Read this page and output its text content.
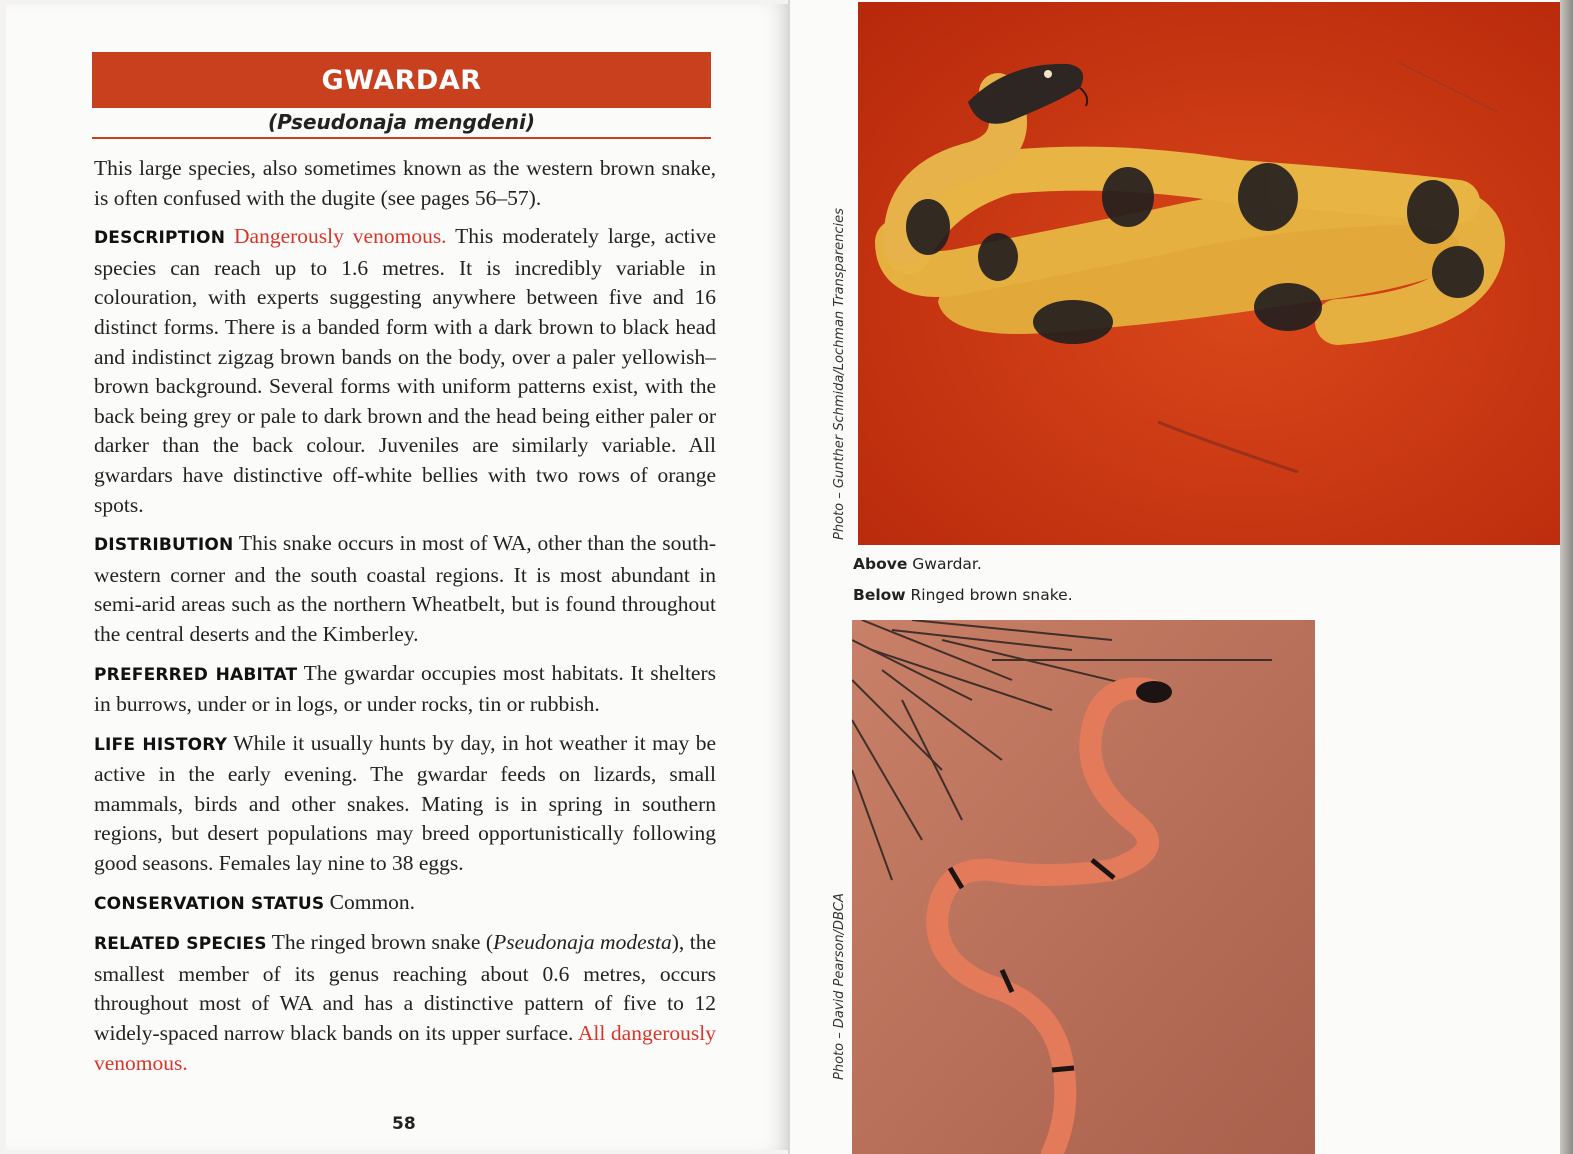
GWARDAR
(Pseudonaja mengdeni)

This large species, also sometimes known as the western brown snake, is often confused with the dugite (see pages 56–57).

DESCRIPTION Dangerously venomous. This moderately large, active species can reach up to 1.6 metres. It is incredibly variable in colouration, with experts suggesting anywhere between five and 16 distinct forms. There is a banded form with a dark brown to black head and indistinct zigzag brown bands on the body, over a paler yellowish–brown background. Several forms with uniform patterns exist, with the back being grey or pale to dark brown and the head being either paler or darker than the back colour. Juveniles are similarly variable. All gwardars have distinctive off-white bellies with two rows of orange spots.

DISTRIBUTION This snake occurs in most of WA, other than the south-western corner and the south coastal regions. It is most abundant in semi-arid areas such as the northern Wheatbelt, but is found throughout the central deserts and the Kimberley.

PREFERRED HABITAT The gwardar occupies most habitats. It shelters in burrows, under or in logs, or under rocks, tin or rubbish.

LIFE HISTORY While it usually hunts by day, in hot weather it may be active in the early evening. The gwardar feeds on lizards, small mammals, birds and other snakes. Mating is in spring in southern regions, but desert populations may breed opportunistically following good seasons. Females lay nine to 38 eggs.

CONSERVATION STATUS Common.

RELATED SPECIES The ringed brown snake (Pseudonaja modesta), the smallest member of its genus reaching about 0.6 metres, occurs throughout most of WA and has a distinctive pattern of five to 12 widely-spaced narrow black bands on its upper surface. All dangerously venomous.

58
Photo – Gunther Schmida/Lochman Transparencies
Above Gwardar.
Below Ringed brown snake.
Photo – David Pearson/DBCA
